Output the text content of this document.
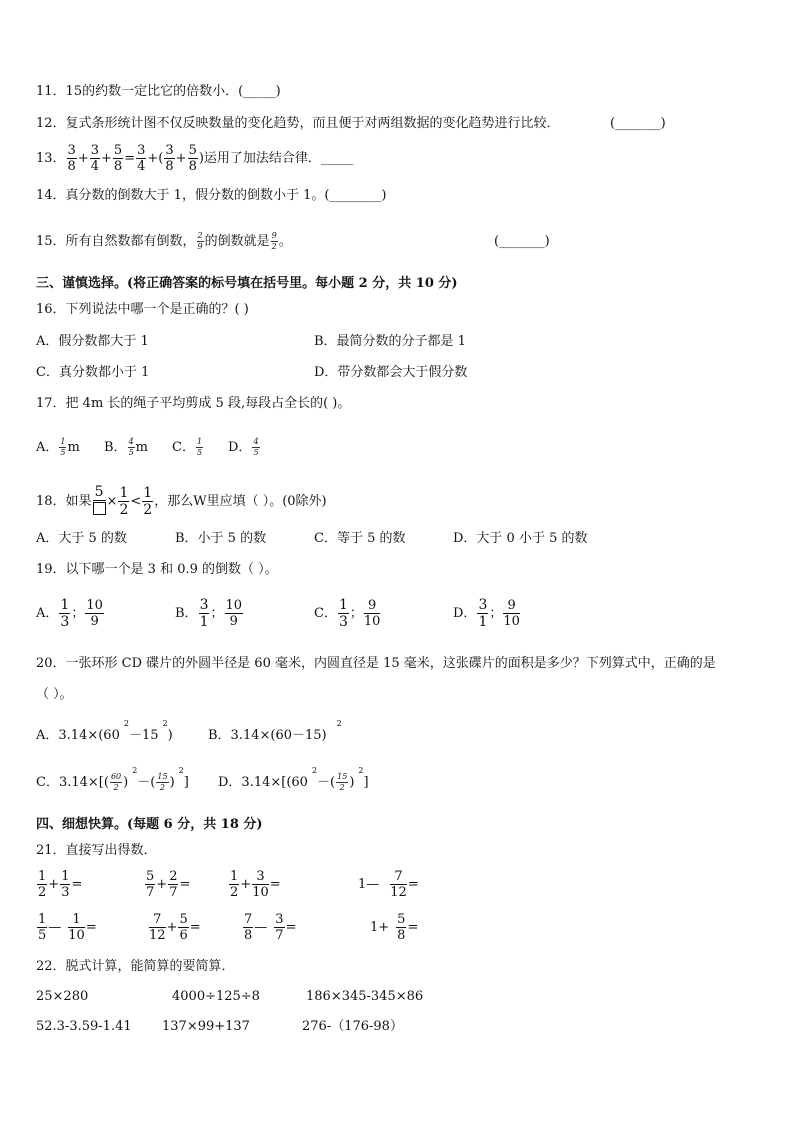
11．15的约数一定比它的倍数小．(_____)
12．复式条形统计图不仅反映数量的变化趋势，而且便于对两组数据的变化趋势进行比较．	(_______)
13． $\frac{3}{8} + \frac{3}{4} + \frac{5}{8} = \frac{3}{4}$ +( $\frac{3}{8} + \frac{5}{8}$ )运用了加法结合律．_____
14．真分数的倒数大于 1，假分数的倒数小于 1。(________)
15．所有自然数都有倒数， $\frac{2}{9}$ 的倒数就是 $\frac{9}{2}$ 。	(_______)
三、谨慎选择。(将正确答案的标号填在括号里。每小题 2 分，共 10 分)
16．下列说法中哪一个是正确的？( )
A．假分数都大于 1	B．最简分数的分子都是 1
C．真分数都小于 1	D．带分数都会大于假分数
17．把 4m 长的绳子平均剪成 5 段,每段占全长的( )。
A． $\frac{1}{5}$ m B． $\frac{4}{5}$ m C． $\frac{1}{5}$ D． $\frac{4}{5}$
18．如果
5
× $\frac{1}{2} < \frac{1}{2}$ ，那么W里应填（ ）。(0除外)
A．大于 5 的数	B．小于 5 的数	C．等于 5 的数	D．大于 0 小于 5 的数
19．以下哪一个是 3 和 0.9 的倒数（ ）。
A． $\frac{1}{3}$ ； $\frac{10}{9}$	B． $\frac{3}{1}$ ； $\frac{10}{9}$	C． $\frac{1}{3}$ ； $\frac{9}{10}$	D． $\frac{3}{1}$ ； $\frac{9}{10}$
20．一张环形 CD 碟片的外圆半径是 60 毫米，内圆直径是 15 毫米，这张碟片的面积是多少？下列算式中，正确的是
（ ）。
A．$3.14\times(60^2-15^2)$	B．$3.14\times(60-15)^2$
C．$3.14\times[( \frac{60}{2} )^2-( \frac{15}{2} )^2]$ D．$3.14\times[(60^2-( \frac{15}{2} )^2]$
四、细想快算。(每题 6 分，共 18 分)
21．直接写出得数．
$\frac{1}{2} + \frac{1}{3}$ =	$\frac{5}{7} + \frac{2}{7}$ =	$\frac{1}{2} + \frac{3}{10}$ =	1— $\frac{7}{12}$ =
$\frac{1}{5}$ — $\frac{1}{10}$ =	$\frac{7}{12} + \frac{5}{6}$ =	$\frac{7}{8}$ — $\frac{3}{7}$ =	$1+ \frac{5}{8}$ =
22．脱式计算，能简算的要简算．
25×280	4000÷125÷8	186×345-345×86
52.3-3.59-1.41 137×99+137	276-（176-98）
